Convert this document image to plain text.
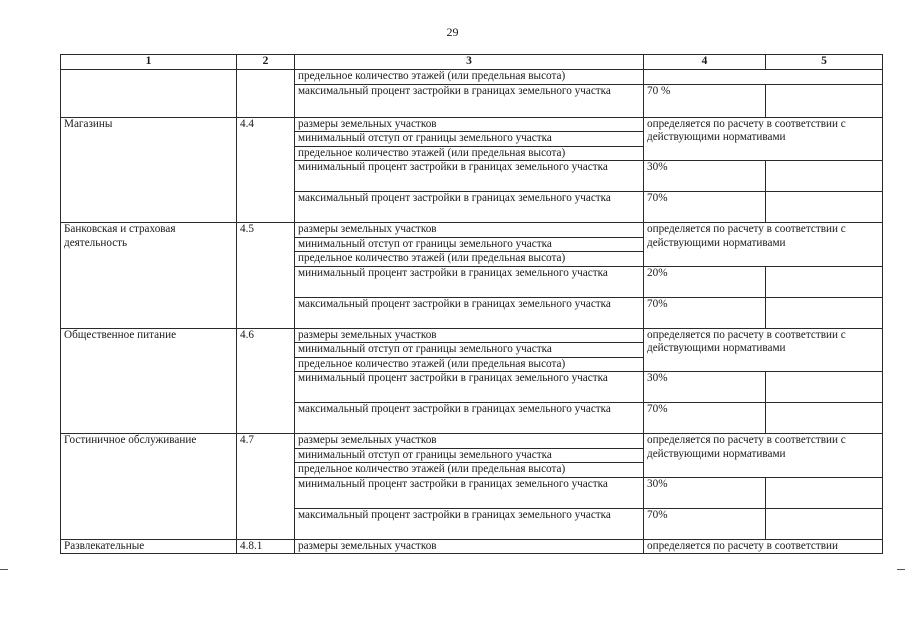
29
1	2	3	4	5
		предельное количество этажей (или предельная высота)		
		максимальный процент застройки в границах земельного участка	70 %	
Магазины	4.4	размеры земельных участков	определяется по расчету в соответствии с действующими нормативами	
		минимальный отступ от границы земельного участка		
		предельное количество этажей (или предельная высота)		
		минимальный процент застройки в границах земельного участка	30%	
		максимальный процент застройки в границах земельного участка	70%	
Банковская и страховая деятельность	4.5	размеры земельных участков	определяется по расчету в соответствии с действующими нормативами	
		минимальный отступ от границы земельного участка		
		предельное количество этажей (или предельная высота)		
		минимальный процент застройки в границах земельного участка	20%	
		максимальный процент застройки в границах земельного участка	70%	
Общественное питание	4.6	размеры земельных участков	определяется по расчету в соответствии с действующими нормативами	
		минимальный отступ от границы земельного участка		
		предельное количество этажей (или предельная высота)		
		минимальный процент застройки в границах земельного участка	30%	
		максимальный процент застройки в границах земельного участка	70%	
Гостиничное обслуживание	4.7	размеры земельных участков	определяется по расчету в соответствии с действующими нормативами	
		минимальный отступ от границы земельного участка		
		предельное количество этажей (или предельная высота)		
		минимальный процент застройки в границах земельного участка	30%	
		максимальный процент застройки в границах земельного участка	70%	
Развлекательные	4.8.1	размеры земельных участков	определяется по расчету в соответствии	
